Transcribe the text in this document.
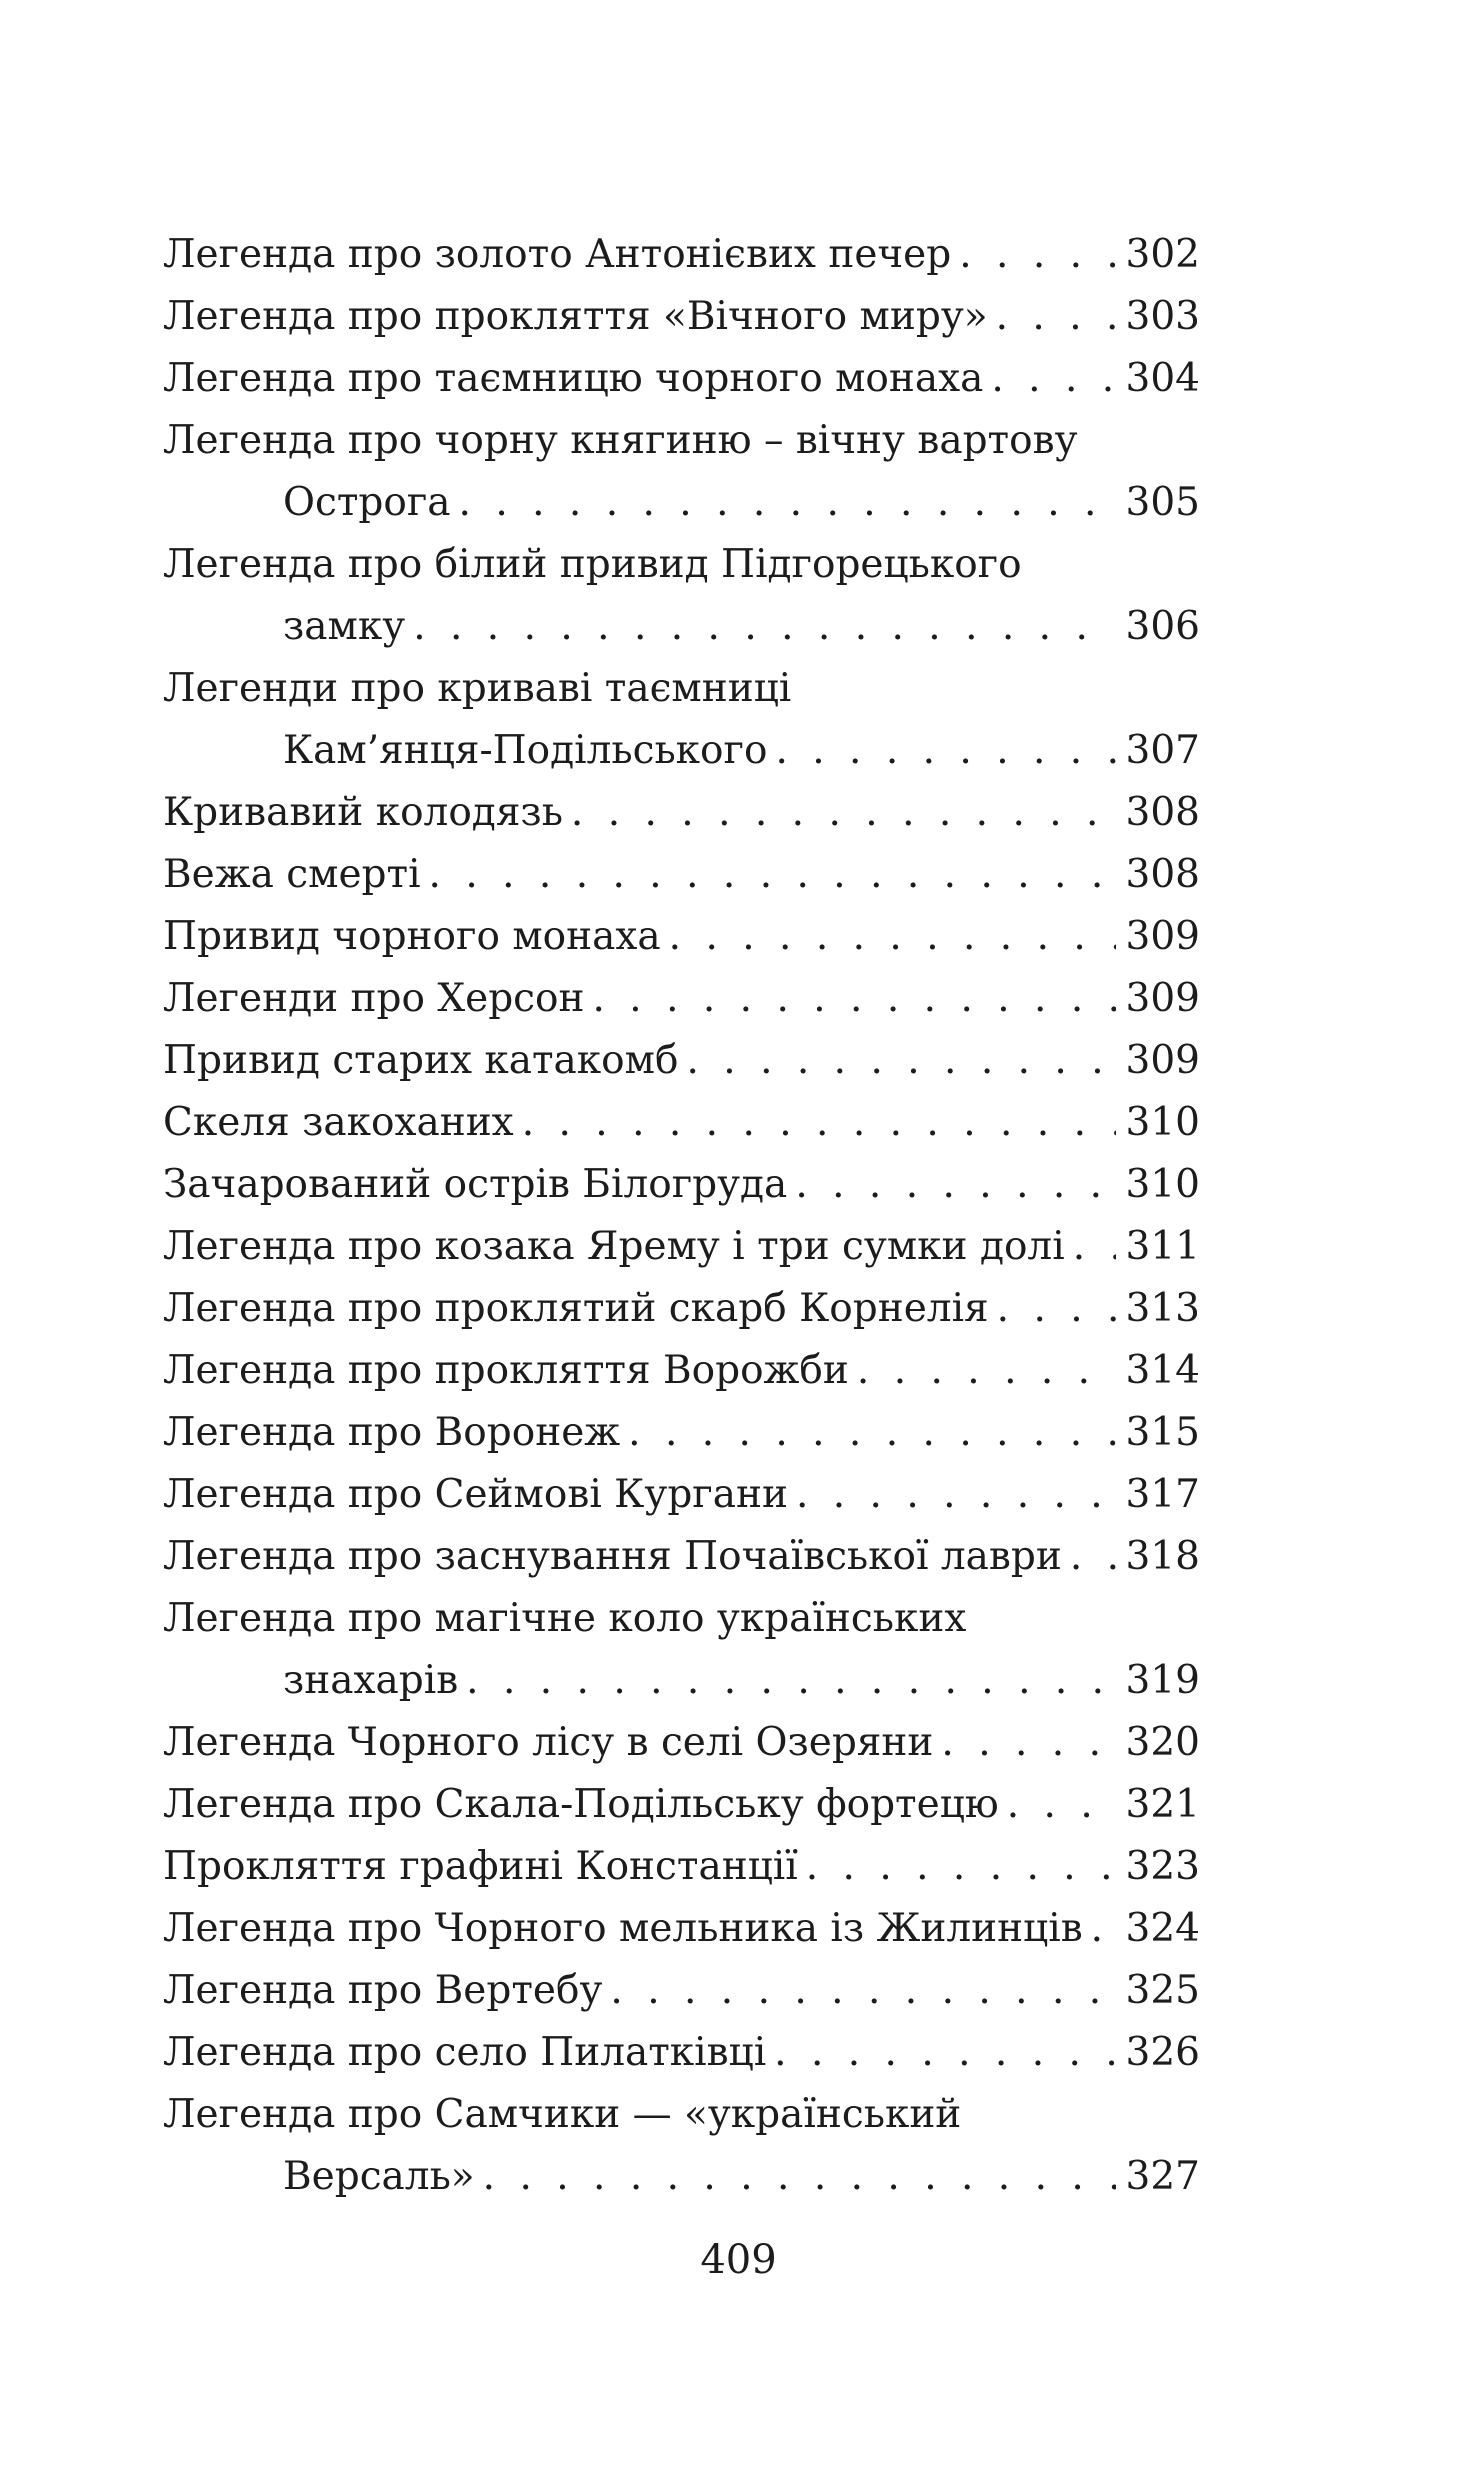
Легенда про золото Антонієвих печер . . .	302
Легенда про прокляття «Вічного миру» . . .	303
Легенда про таємницю чорного монаха . . .	304
Легенда про чорну княгиню – вічну вартову
Острога . . .	305
Легенда про білий привид Підгорецького
замку . . .	306
Легенди про криваві таємниці
Кам’янця-Подільського . . .	307
Кривавий колодязь . . .	308
Вежа смерті . . .	308
Привид чорного монаха . . .	309
Легенди про Херсон . . .	309
Привид старих катакомб . . .	309
Скеля закоханих . . .	310
Зачарований острів Білогруда . . .	310
Легенда про козака Ярему і три сумки долі . . . 311
Легенда про проклятий скарб Корнелія . . .	313
Легенда про прокляття Ворожби . . .	314
Легенда про Воронеж . . .	315
Легенда про Сеймові Кургани . . .	317
Легенда про заснування Почаївської лаври . . . 318
Легенда про магічне коло українських
знахарів . . .	319
Легенда Чорного лісу в селі Озеряни . . .	320
Легенда про Скала-Подільську фортецю . . .	321
Прокляття графині Констанції . . .	323
Легенда про Чорного мельника із Жилинців . . . 324
Легенда про Вертебу . . .	325
Легенда про село Пилатківці . . .	326
Легенда про Самчики — «український
Версаль» . . .	327
409
